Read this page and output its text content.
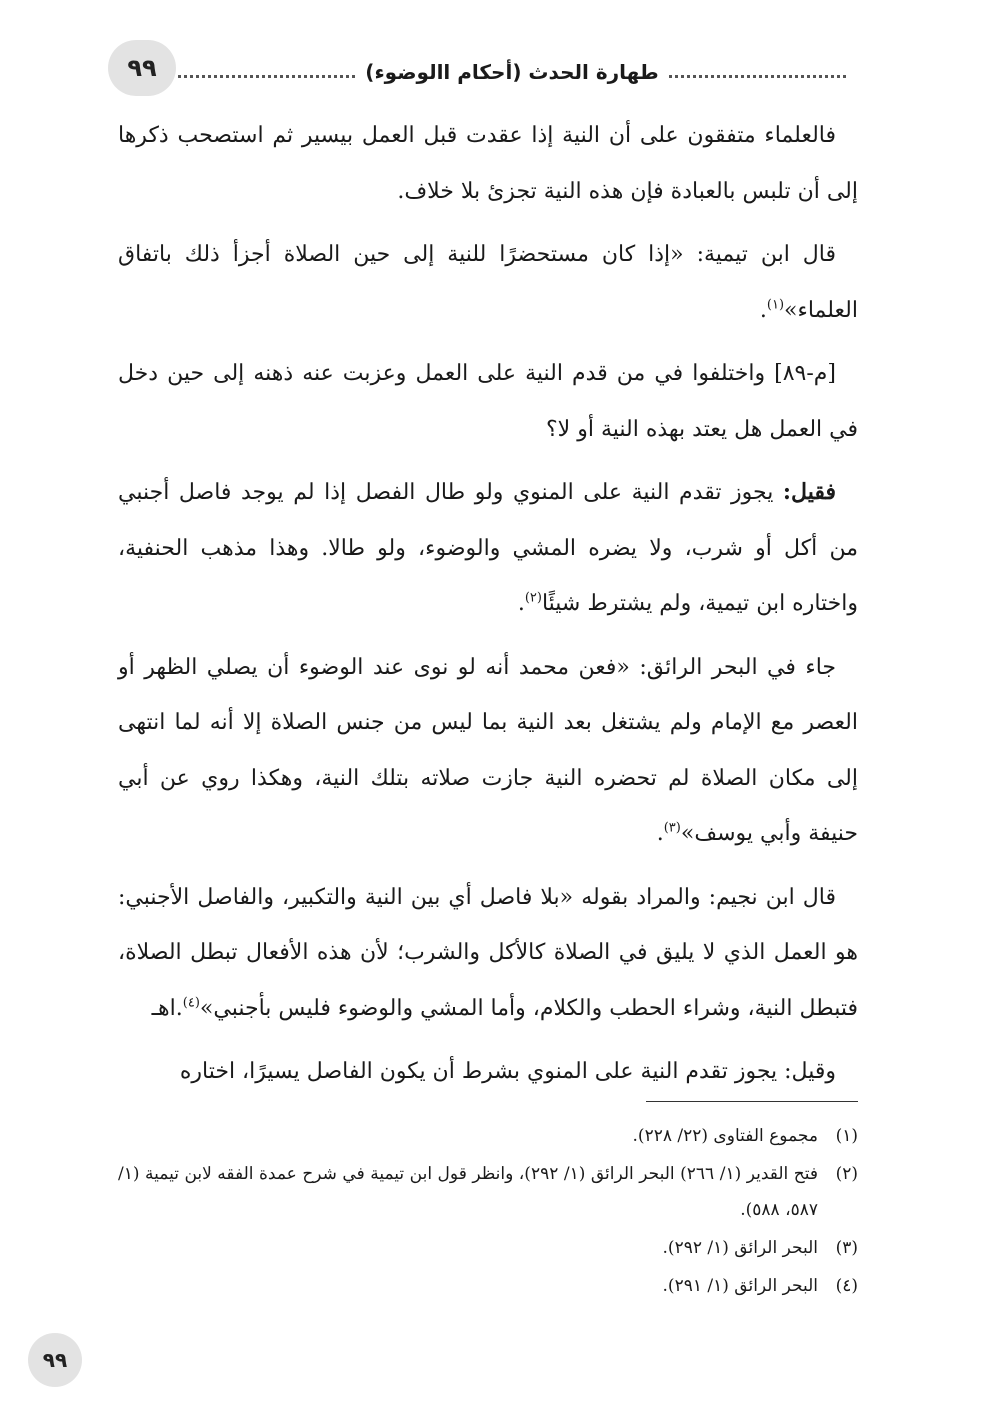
٩٩	طهارة الحدث (أحكام االوضوء)

فالعلماء متفقون على أن النية إذا عقدت قبل العمل بيسير ثم استصحب ذكرها إلى أن تلبس بالعبادة فإن هذه النية تجزئ بلا خلاف.

قال ابن تيمية: «إذا كان مستحضرًا للنية إلى حين الصلاة أجزأ ذلك باتفاق العلماء»$^{(١)}$.

[م-٨٩] واختلفوا في من قدم النية على العمل وعزبت عنه ذهنه إلى حين دخل في العمل هل يعتد بهذه النية أو لا؟

فقيل: يجوز تقدم النية على المنوي ولو طال الفصل إذا لم يوجد فاصل أجنبي من أكل أو شرب، ولا يضره المشي والوضوء، ولو طالا. وهذا مذهب الحنفية، واختاره ابن تيمية، ولم يشترط شيئًا$^{(٢)}$.

جاء في البحر الرائق: «فعن محمد أنه لو نوى عند الوضوء أن يصلي الظهر أو العصر مع الإمام ولم يشتغل بعد النية بما ليس من جنس الصلاة إلا أنه لما انتهى إلى مكان الصلاة لم تحضره النية جازت صلاته بتلك النية، وهكذا روي عن أبي حنيفة وأبي يوسف»$^{(٣)}$.

قال ابن نجيم: والمراد بقوله «بلا فاصل أي بين النية والتكبير، والفاصل الأجنبي: هو العمل الذي لا يليق في الصلاة كالأكل والشرب؛ لأن هذه الأفعال تبطل الصلاة، فتبطل النية، وشراء الحطب والكلام، وأما المشي والوضوء فليس بأجنبي»$^{(٤)}$.اهـ

وقيل: يجوز تقدم النية على المنوي بشرط أن يكون الفاصل يسيرًا، اختاره

(١)
مجموع الفتاوى (٢٢/ ٢٢٨).
(٢)
فتح القدير (١/ ٢٦٦) البحر الرائق (١/ ٢٩٢)، وانظر قول ابن تيمية في شرح عمدة الفقه لابن تيمية (١/ ٥٨٧، ٥٨٨).
(٣)
البحر الرائق (١/ ٢٩٢).
(٤)
البحر الرائق (١/ ٢٩١).
٩٩
